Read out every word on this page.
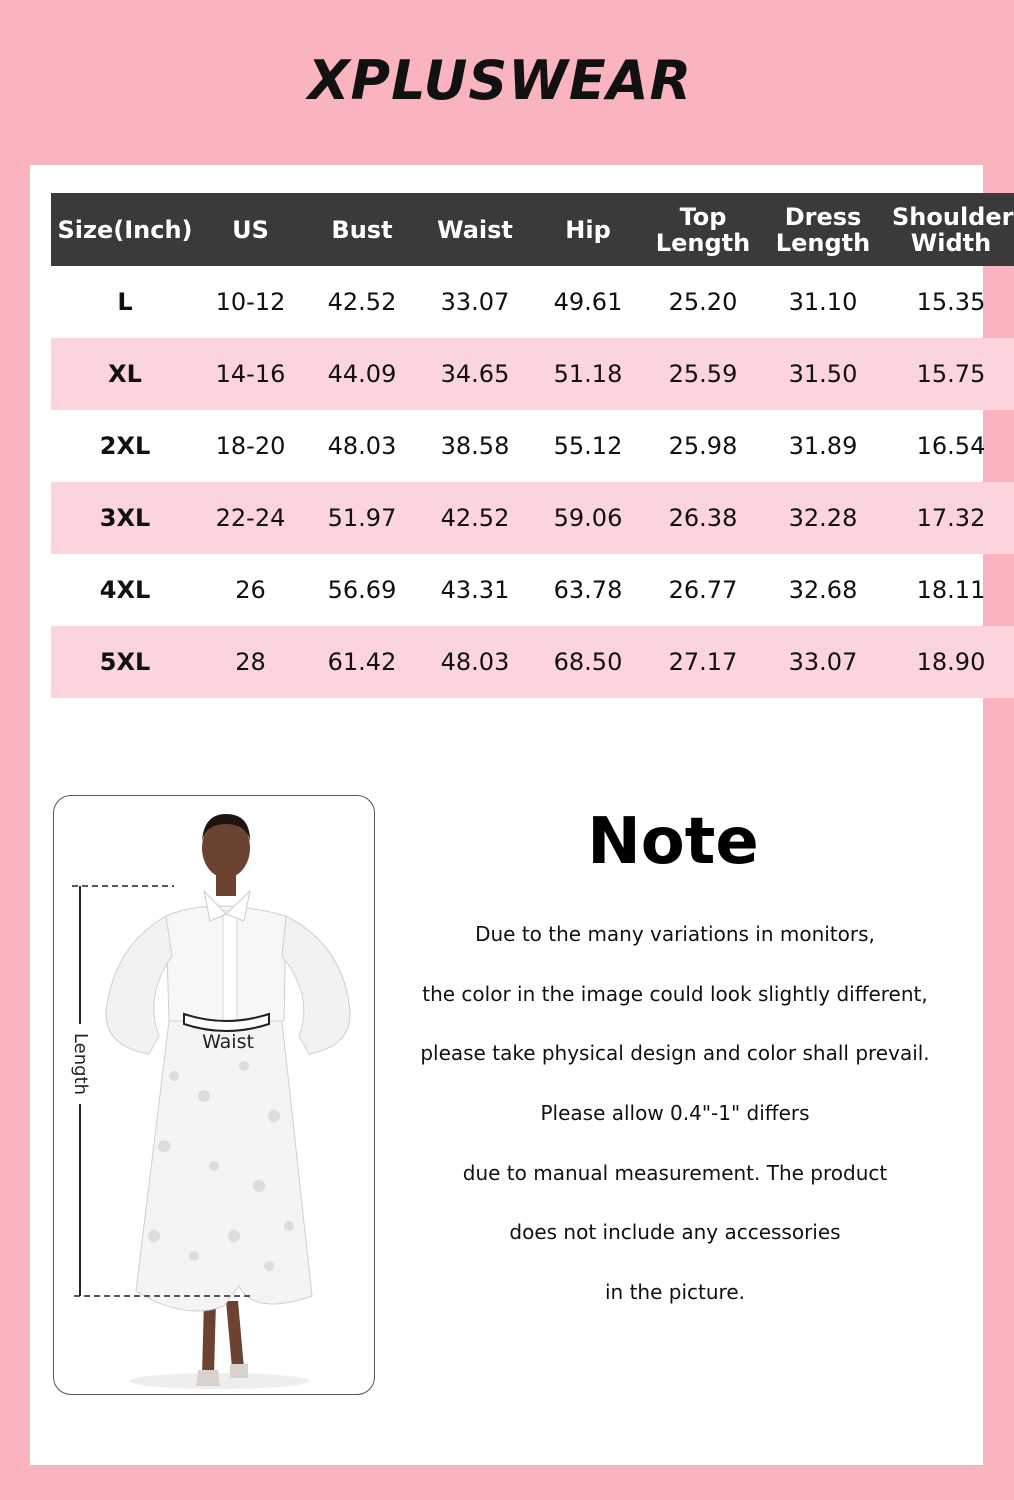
XPLUSWEAR
Size(Inch)	US	Bust	Waist	Hip	Top Length	Dress Length	Shoulder Width
L	10-12	42.52	33.07	49.61	25.20	31.10	15.35
XL	14-16	44.09	34.65	51.18	25.59	31.50	15.75
2XL	18-20	48.03	38.58	55.12	25.98	31.89	16.54
3XL	22-24	51.97	42.52	59.06	26.38	32.28	17.32
4XL	26	56.69	43.31	63.78	26.77	32.68	18.11
5XL	28	61.42	48.03	68.50	27.17	33.07	18.90
Length	Waist
Note
Due to the many variations in monitors,
the color in the image could look slightly different,
please take physical design and color shall prevail.
Please allow 0.4"-1" differs
due to manual measurement. The product
does not include any accessories
in the picture.
